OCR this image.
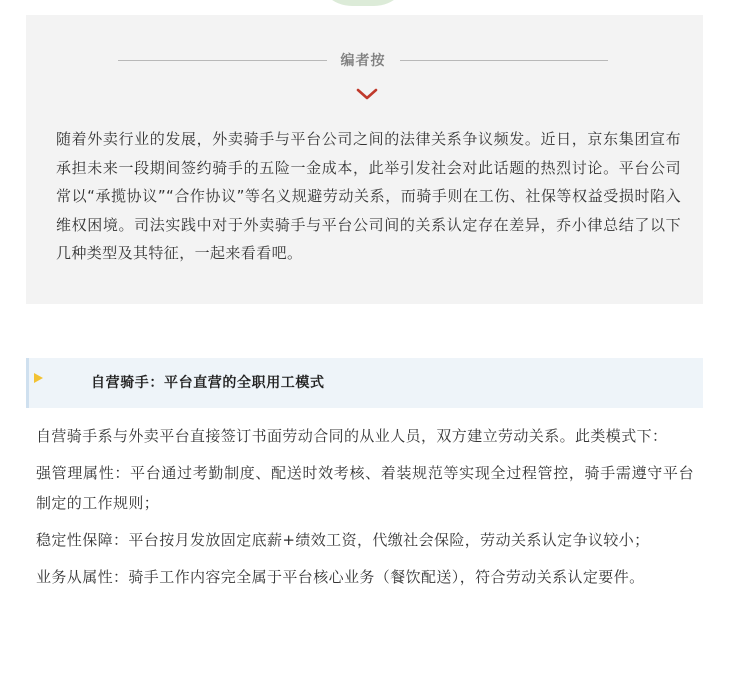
编者按

随着外卖行业的发展，外卖骑手与平台公司之间的法律关系争议频发。近日，京东集团宣布承担未来一段期间签约骑手的五险一金成本，此举引发社会对此话题的热烈讨论。平台公司常以“承揽协议”“合作协议”等名义规避劳动关系，而骑手则在工伤、社保等权益受损时陷入维权困境。司法实践中对于外卖骑手与平台公司间的关系认定存在差异，乔小律总结了以下几种类型及其特征，一起来看看吧。

自营骑手：平台直营的全职用工模式

自营骑手系与外卖平台直接签订书面劳动合同的从业人员，双方建立劳动关系。此类模式下：

强管理属性：平台通过考勤制度、配送时效考核、着装规范等实现全过程管控，骑手需遵守平台制定的工作规则；

稳定性保障：平台按月发放固定底薪+绩效工资，代缴社会保险，劳动关系认定争议较小；

业务从属性：骑手工作内容完全属于平台核心业务（餐饮配送），符合劳动关系认定要件。
